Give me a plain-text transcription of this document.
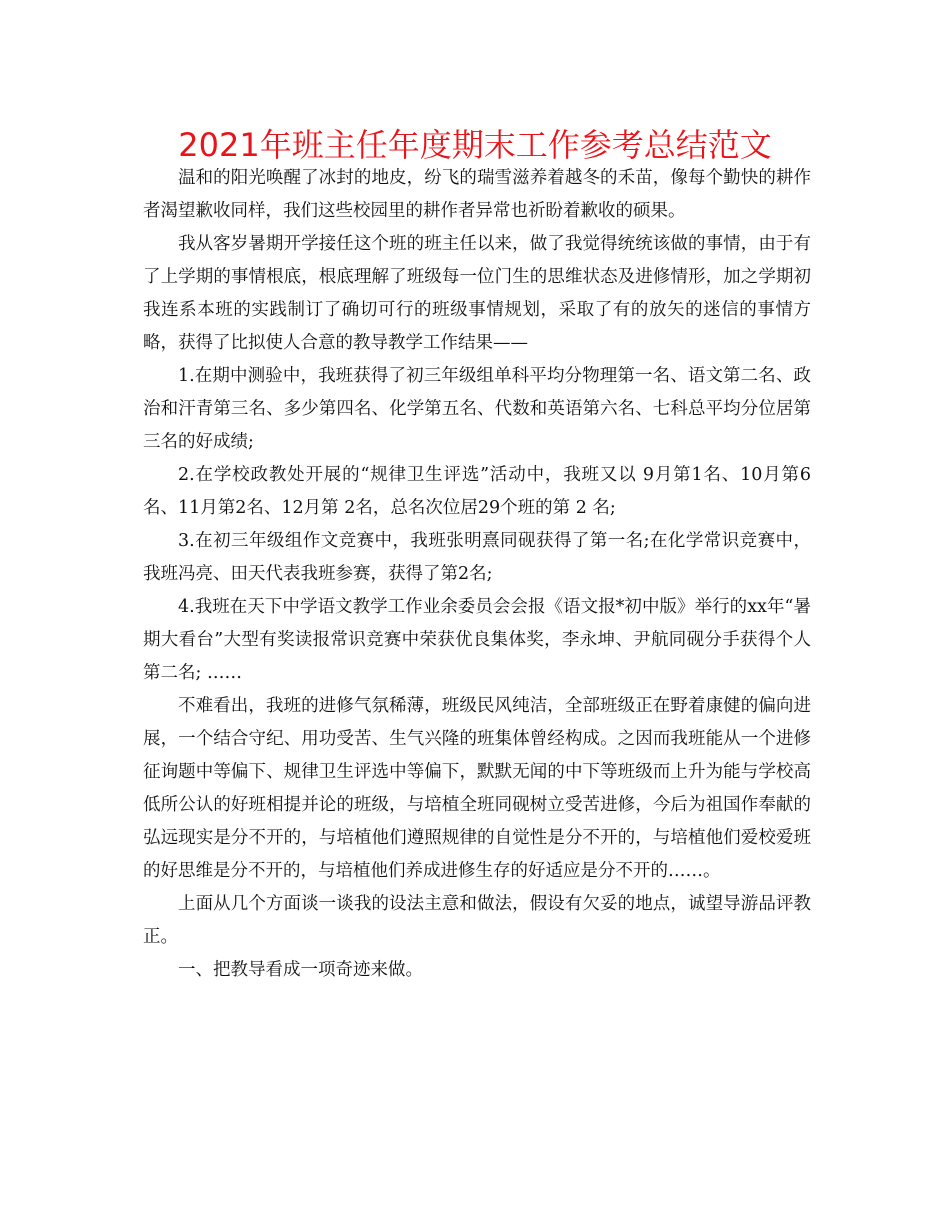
2021年班主任年度期末工作参考总结范文

温和的阳光唤醒了冰封的地皮，纷飞的瑞雪滋养着越冬的禾苗，像每个勤快的耕作者渴望歉收同样，我们这些校园里的耕作者异常也祈盼着歉收的硕果。

我从客岁暑期开学接任这个班的班主任以来，做了我觉得统统该做的事情，由于有了上学期的事情根底，根底理解了班级每一位门生的思维状态及进修情形，加之学期初我连系本班的实践制订了确切可行的班级事情规划，采取了有的放矢的迷信的事情方略，获得了比拟使人合意的教导教学工作结果——

1.在期中测验中，我班获得了初三年级组单科平均分物理第一名、语文第二名、政治和汗青第三名、多少第四名、化学第五名、代数和英语第六名、七科总平均分位居第三名的好成绩;

2.在学校政教处开展的“规律卫生评选”活动中，我班又以 9月第1名、10月第6名、11月第2名、12月第 2名，总名次位居29个班的第 2 名;

3.在初三年级组作文竞赛中，我班张明熹同砚获得了第一名;在化学常识竞赛中，我班冯亮、田天代表我班参赛，获得了第2名;

4.我班在天下中学语文教学工作业余委员会会报《语文报*初中版》举行的xx年“暑期大看台”大型有奖读报常识竞赛中荣获优良集体奖，李永坤、尹航同砚分手获得个人第二名; ……

不难看出，我班的进修气氛稀薄，班级民风纯洁，全部班级正在野着康健的偏向进展，一个结合守纪、用功受苦、生气兴隆的班集体曾经构成。之因而我班能从一个进修征询题中等偏下、规律卫生评选中等偏下，默默无闻的中下等班级而上升为能与学校高低所公认的好班相提并论的班级，与培植全班同砚树立受苦进修，今后为祖国作奉献的弘远现实是分不开的，与培植他们遵照规律的自觉性是分不开的，与培植他们爱校爱班的好思维是分不开的，与培植他们养成进修生存的好适应是分不开的……。

上面从几个方面谈一谈我的设法主意和做法，假设有欠妥的地点，诚望导游品评教正。

一、把教导看成一项奇迹来做。
